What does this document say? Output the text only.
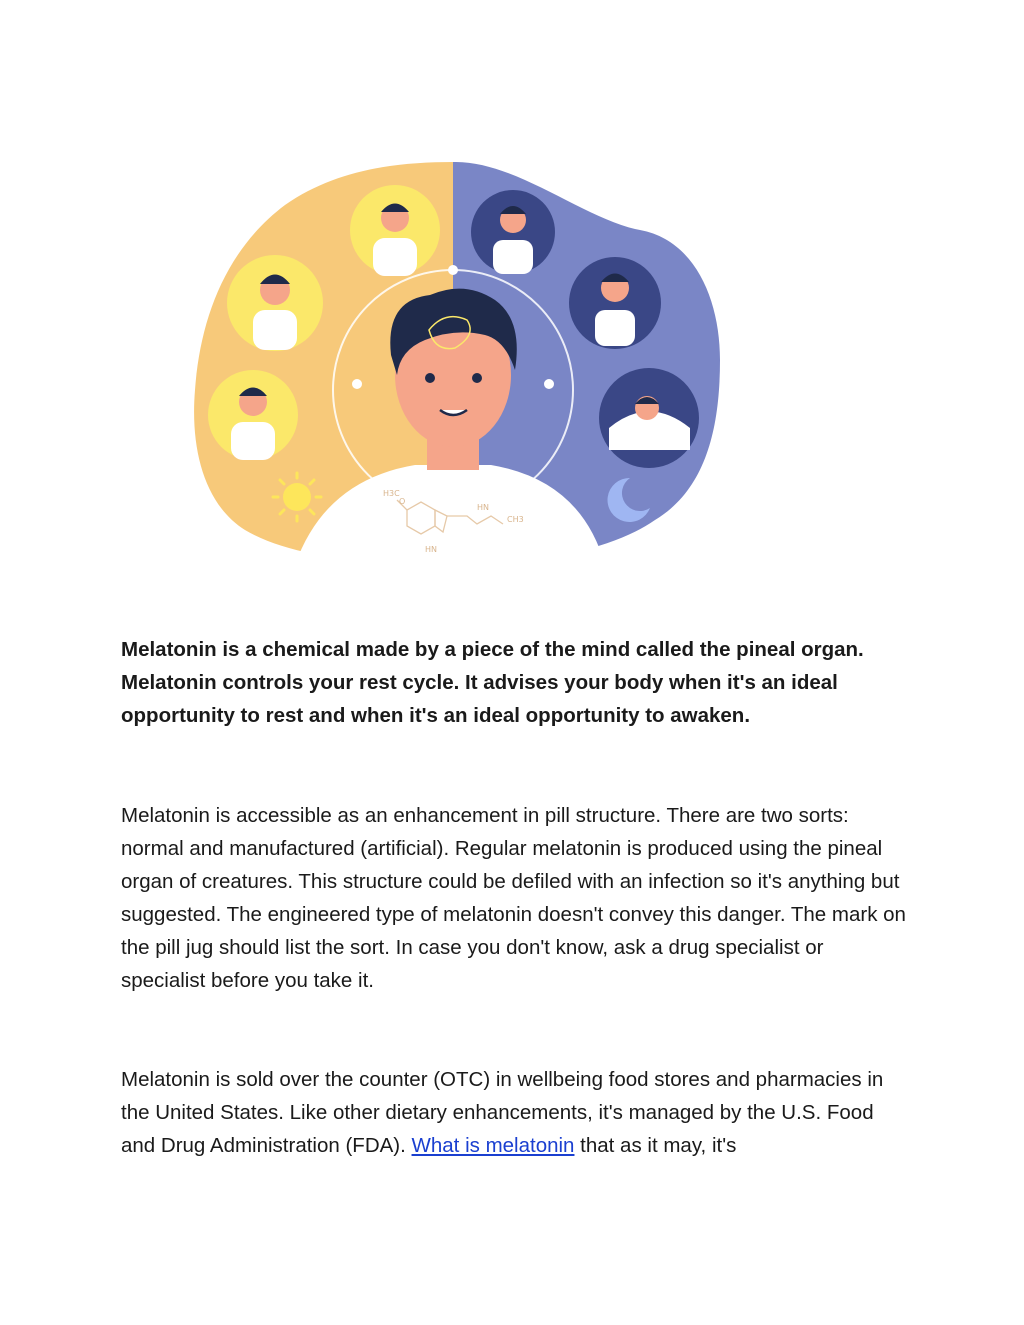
H3C
O
HN
CH3
HN

Melatonin is a chemical made by a piece of the mind called the pineal organ. Melatonin controls your rest cycle. It advises your body when it's an ideal opportunity to rest and when it's an ideal opportunity to awaken.

Melatonin is accessible as an enhancement in pill structure. There are two sorts: normal and manufactured (artificial). Regular melatonin is produced using the pineal organ of creatures. This structure could be defiled with an infection so it's anything but suggested. The engineered type of melatonin doesn't convey this danger. The mark on the pill jug should list the sort. In case you don't know, ask a drug specialist or specialist before you take it.

Melatonin is sold over the counter (OTC) in wellbeing food stores and pharmacies in the United States. Like other dietary enhancements, it's managed by the U.S. Food and Drug Administration (FDA). What is melatonin that as it may, it's
